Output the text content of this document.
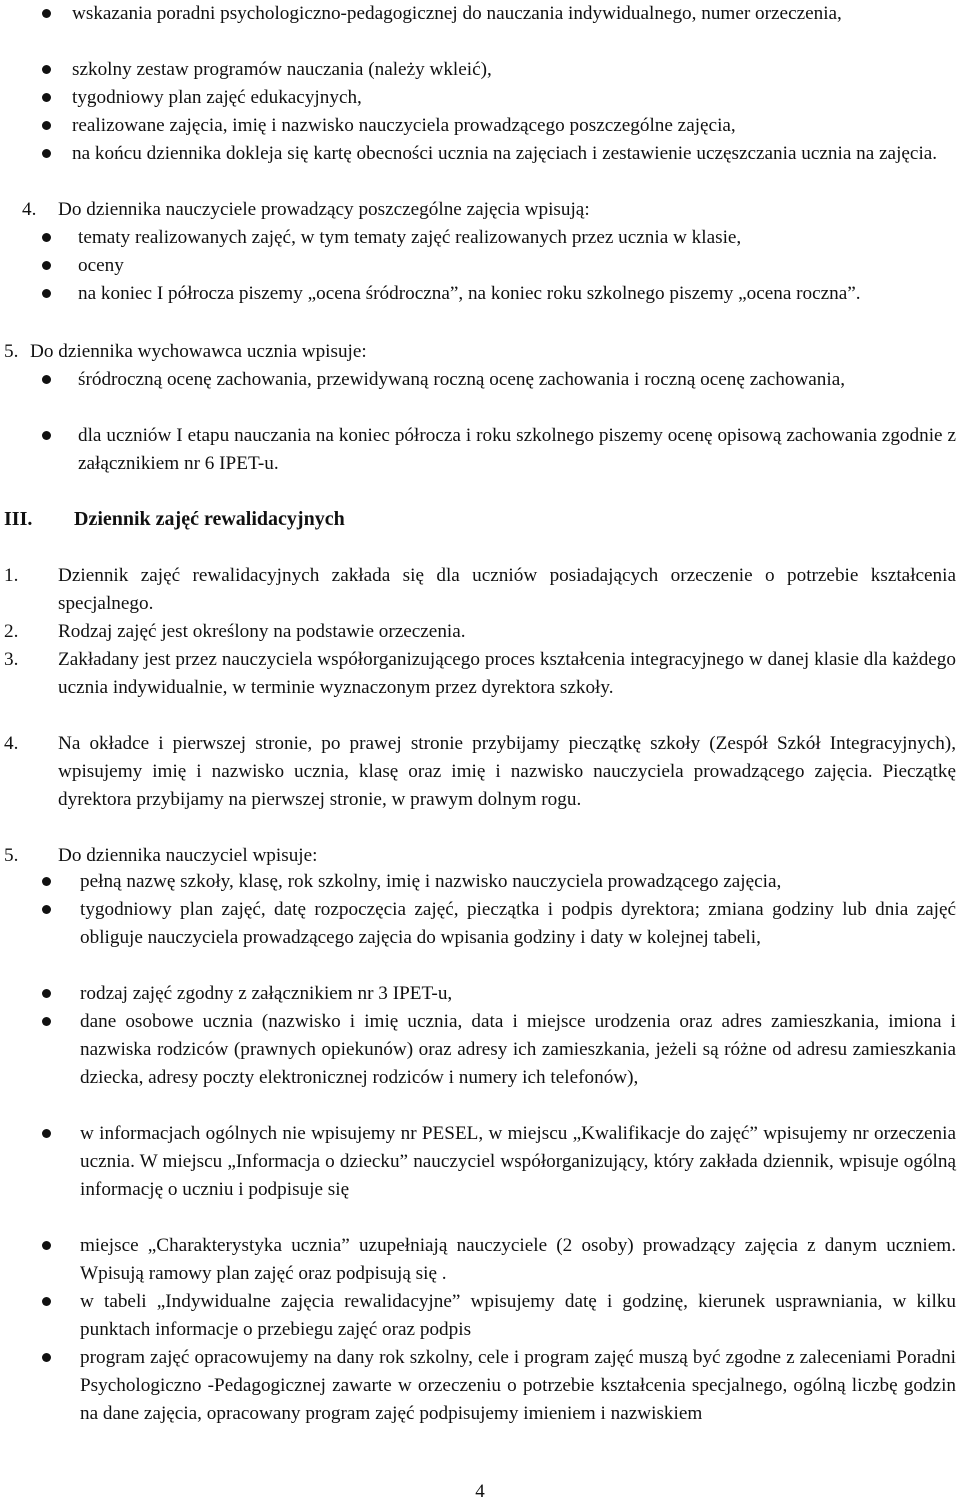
wskazania poradni psychologiczno-pedagogicznej do nauczania indywidualnego, numer orzeczenia,
szkolny zestaw programów nauczania (należy wkleić),
tygodniowy plan zajęć edukacyjnych,
realizowane zajęcia, imię i nazwisko nauczyciela prowadzącego poszczególne zajęcia,
na końcu dziennika dokleja się kartę obecności ucznia na zajęciach i zestawienie uczęszczania ucznia na zajęcia.
4. Do dziennika nauczyciele prowadzący poszczególne zajęcia wpisują:
tematy realizowanych zajęć, w tym tematy zajęć realizowanych przez ucznia w klasie,
oceny
na koniec I półrocza piszemy „ocena śródroczna”, na koniec roku szkolnego piszemy „ocena roczna”.
5. Do dziennika wychowawca ucznia wpisuje:
śródroczną ocenę zachowania, przewidywaną roczną ocenę zachowania i roczną ocenę zachowania,
dla uczniów I etapu nauczania na koniec półrocza i roku szkolnego piszemy ocenę opisową zachowania zgodnie z załącznikiem nr 6 IPET-u.
III.	Dziennik zajęć rewalidacyjnych
1. Dziennik zajęć rewalidacyjnych zakłada się dla uczniów posiadających orzeczenie o potrzebie kształcenia specjalnego.
2. Rodzaj zajęć jest określony na podstawie orzeczenia.
3. Zakładany jest przez nauczyciela współorganizującego proces kształcenia integracyjnego w danej klasie dla każdego ucznia indywidualnie, w terminie wyznaczonym przez dyrektora szkoły.
4. Na okładce i pierwszej stronie, po prawej stronie przybijamy pieczątkę szkoły (Zespół Szkół Integracyjnych), wpisujemy imię i nazwisko ucznia, klasę oraz imię i nazwisko nauczyciela prowadzącego zajęcia. Pieczątkę dyrektora przybijamy na pierwszej stronie, w prawym dolnym rogu.
5. Do dziennika nauczyciel wpisuje:
pełną nazwę szkoły, klasę, rok szkolny, imię i nazwisko nauczyciela prowadzącego zajęcia,
tygodniowy plan zajęć, datę rozpoczęcia zajęć, pieczątka i podpis dyrektora; zmiana godziny lub dnia zajęć obliguje nauczyciela prowadzącego zajęcia do wpisania godziny i daty w kolejnej tabeli,
rodzaj zajęć zgodny z załącznikiem nr 3 IPET-u,
dane osobowe ucznia (nazwisko i imię ucznia, data i miejsce urodzenia oraz adres zamieszkania, imiona i nazwiska rodziców (prawnych opiekunów) oraz adresy ich zamieszkania, jeżeli są różne od adresu zamieszkania dziecka, adresy poczty elektronicznej rodziców i numery ich telefonów),
w informacjach ogólnych nie wpisujemy nr PESEL, w miejscu „Kwalifikacje do zajęć” wpisujemy nr orzeczenia ucznia. W miejscu „Informacja o dziecku” nauczyciel współorganizujący, który zakłada dziennik, wpisuje ogólną informację o uczniu i podpisuje się
miejsce „Charakterystyka ucznia” uzupełniają nauczyciele (2 osoby) prowadzący zajęcia z danym uczniem. Wpisują ramowy plan zajęć oraz podpisują się .
w tabeli „Indywidualne zajęcia rewalidacyjne” wpisujemy datę i godzinę, kierunek usprawniania, w kilku punktach informacje o przebiegu zajęć oraz podpis
program zajęć opracowujemy na dany rok szkolny, cele i program zajęć muszą być zgodne z zaleceniami Poradni Psychologiczno -Pedagogicznej zawarte w orzeczeniu o potrzebie kształcenia specjalnego, ogólną liczbę godzin na dane zajęcia, opracowany program zajęć podpisujemy imieniem i nazwiskiem
4
